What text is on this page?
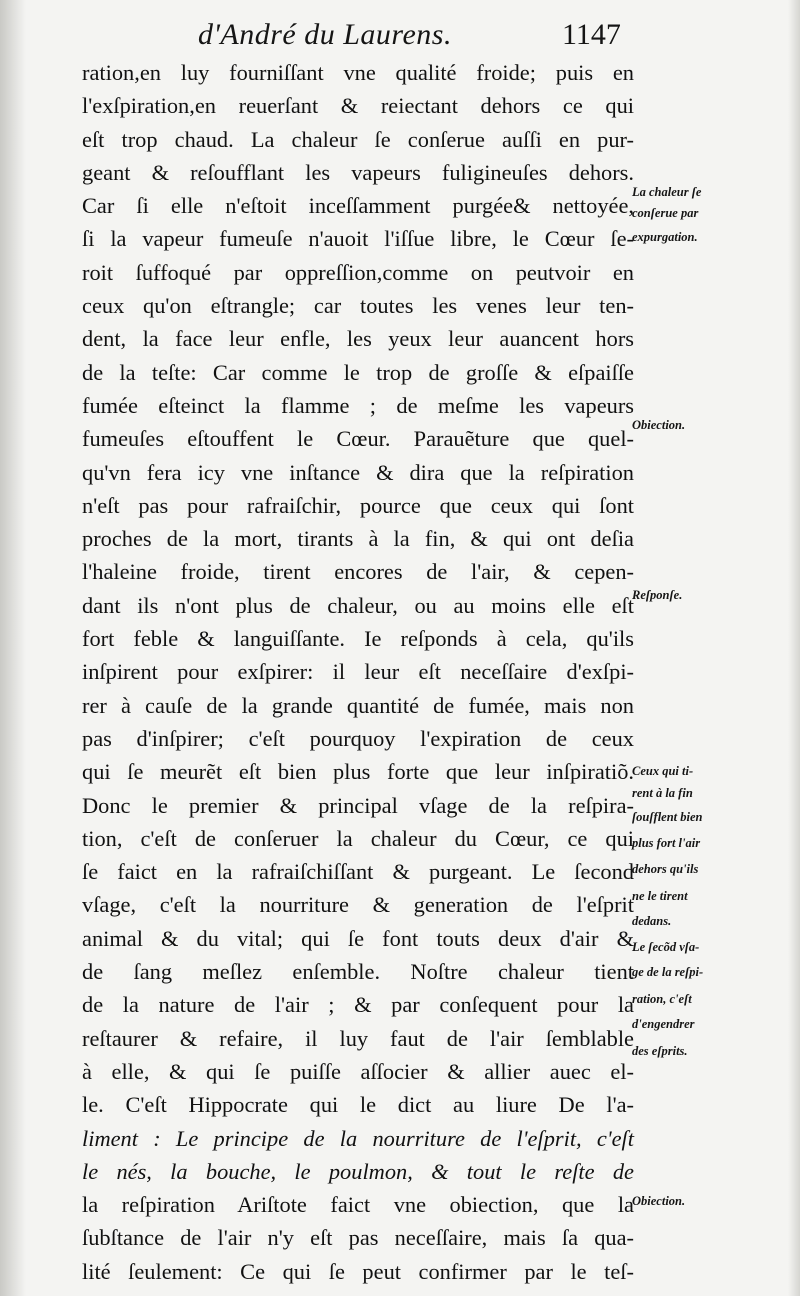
d'André du Laurens.	1147
ration,en luy fourniſſant vne qualité froide; puis en
l'exſpiration,en reuerſant & reiectant dehors ce qui
eſt trop chaud. La chaleur ſe conſerue auſſi en pur-
geant & reſoufflant les vapeurs fuligineuſes dehors.
Car ſi elle n'eſtoit inceſſamment purgée& nettoyée,
ſi la vapeur fumeuſe n'auoit l'iſſue libre, le Cœur ſe-
roit ſuffoqué par oppreſſion,comme on peutvoir en
ceux qu'on eſtrangle; car toutes les venes leur ten-
dent, la face leur enfle, les yeux leur auancent hors
de la teſte: Car comme le trop de groſſe & eſpaiſſe
fumée eſteinct la flamme ; de meſme les vapeurs
fumeuſes eſtouffent le Cœur. Parauẽture que quel-
qu'vn fera icy vne inſtance & dira que la reſpiration
n'eſt pas pour rafraiſchir, pource que ceux qui ſont
proches de la mort, tirants à la fin, & qui ont deſia
l'haleine froide, tirent encores de l'air, & cepen-
dant ils n'ont plus de chaleur, ou au moins elle eſt
fort feble & languiſſante. Ie reſponds à cela, qu'ils
inſpirent pour exſpirer: il leur eſt neceſſaire d'exſpi-
rer à cauſe de la grande quantité de fumée, mais non
pas d'inſpirer; c'eſt pourquoy l'expiration de ceux
qui ſe meurẽt eſt bien plus forte que leur inſpiratiõ.
Donc le premier & principal vſage de la reſpira-
tion, c'eſt de conſeruer la chaleur du Cœur, ce qui
ſe faict en la rafraiſchiſſant & purgeant. Le ſecond
vſage, c'eſt la nourriture & generation de l'eſprit
animal & du vital; qui ſe font touts deux d'air &
de ſang meſlez enſemble. Noſtre chaleur tient
de la nature de l'air ; & par conſequent pour la
reſtaurer & refaire, il luy faut de l'air ſemblable
à elle, & qui ſe puiſſe aſſocier & allier auec el-
le. C'eſt Hippocrate qui le dict au liure De l'a-
liment : Le principe de la nourriture de l'eſprit, c'eſt
le nés, la bouche, le poulmon, & tout le reſte de
la reſpiration Ariſtote faict vne obiection, que la
ſubſtance de l'air n'y eſt pas neceſſaire, mais ſa qua-
lité ſeulement: Ce qui ſe peut confirmer par le teſ-
La chaleur ſe
conſerue par
expurgation.
Obiection.
Reſponſe.
Ceux qui ti-
rent à la fin
ſouſflent bien
plus fort l'air
dehors qu'ils
ne le tirent
dedans.
Le ſecõd vſa-
ge de la reſpi-
ration, c'eſt
d'engendrer
des eſprits.
Obiection.
